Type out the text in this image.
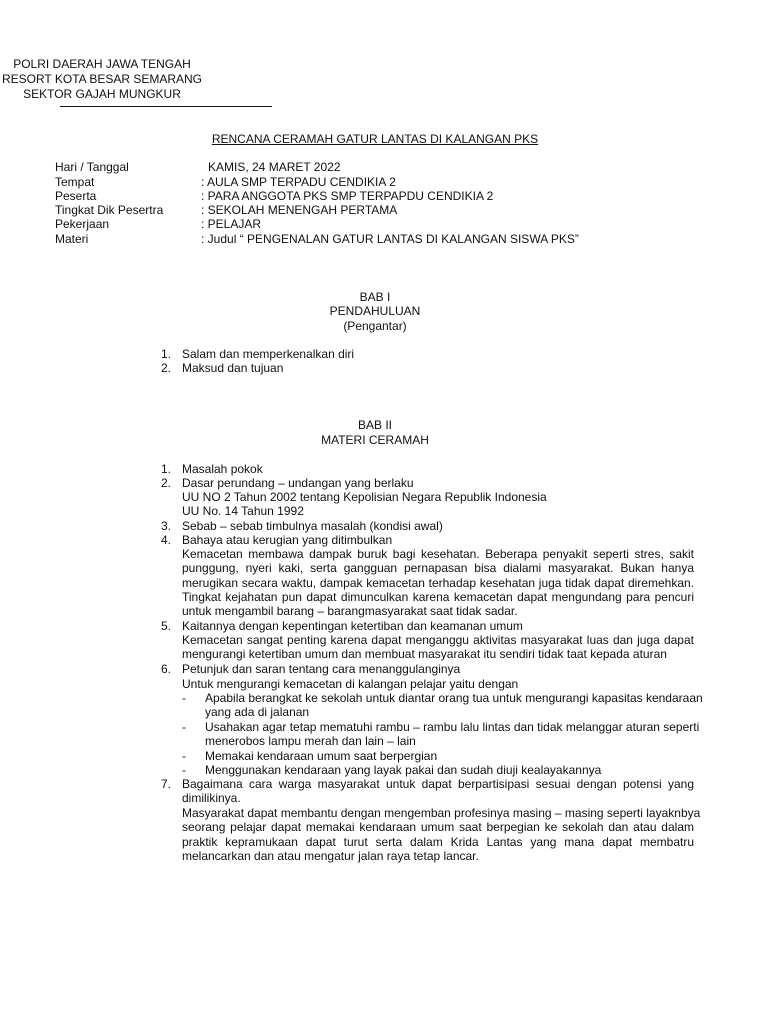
POLRI DAERAH JAWA TENGAH
RESORT KOTA BESAR SEMARANG
SEKTOR GAJAH MUNGKUR
RENCANA CERAMAH GATUR LANTAS DI KALANGAN PKS
Hari / Tanggal	KAMIS, 24 MARET 2022
Tempat	: AULA SMP TERPADU CENDIKIA 2
Peserta	: PARA ANGGOTA PKS SMP TERPAPDU CENDIKIA 2
Tingkat Dik Pesertra	: SEKOLAH MENENGAH PERTAMA
Pekerjaan	: PELAJAR
Materi	: Judul “ PENGENALAN GATUR LANTAS DI KALANGAN SISWA PKS”
BAB I
PENDAHULUAN
(Pengantar)
1. Salam dan memperkenalkan diri
2. Maksud dan tujuan
BAB II
MATERI CERAMAH
1. Masalah pokok
2. Dasar perundang – undangan yang berlaku
UU NO 2 Tahun 2002 tentang Kepolisian Negara Republik Indonesia
UU No. 14 Tahun 1992
3. Sebab – sebab timbulnya masalah (kondisi awal)
4. Bahaya atau kerugian yang ditimbulkan
Kemacetan membawa dampak buruk bagi kesehatan. Beberapa penyakit seperti stres, sakit
punggung, nyeri kaki, serta gangguan pernapasan bisa dialami masyarakat. Bukan hanya
merugikan secara waktu, dampak kemacetan terhadap kesehatan juga tidak dapat diremehkan.
Tingkat kejahatan pun dapat dimunculkan karena kemacetan dapat mengundang para pencuri
untuk mengambil barang – barangmasyarakat saat tidak sadar.
5. Kaitannya dengan kepentingan ketertiban dan keamanan umum
Kemacetan sangat penting karena dapat menganggu aktivitas masyarakat luas dan juga dapat
mengurangi ketertiban umum dan membuat masyarakat itu sendiri tidak taat kepada aturan
6. Petunjuk dan saran tentang cara menanggulanginya
Untuk mengurangi kemacetan di kalangan pelajar yaitu dengan
- Apabila berangkat ke sekolah untuk diantar orang tua untuk mengurangi kapasitas kendaraan
yang ada di jalanan
- Usahakan agar tetap mematuhi rambu – rambu lalu lintas dan tidak melanggar aturan seperti
menerobos lampu merah dan lain – lain
- Memakai kendaraan umum saat berpergian
- Menggunakan kendaraan yang layak pakai dan sudah diuji kealayakannya
7. Bagaimana cara warga masyarakat untuk dapat berpartisipasi sesuai dengan potensi yang
dimilikinya.
Masyarakat dapat membantu dengan mengemban profesinya masing – masing seperti layaknbya
seorang pelajar dapat memakai kendaraan umum saat berpegian ke sekolah dan atau dalam
praktik kepramukaan dapat turut serta dalam Krida Lantas yang mana dapat membatru
melancarkan dan atau mengatur jalan raya tetap lancar.
